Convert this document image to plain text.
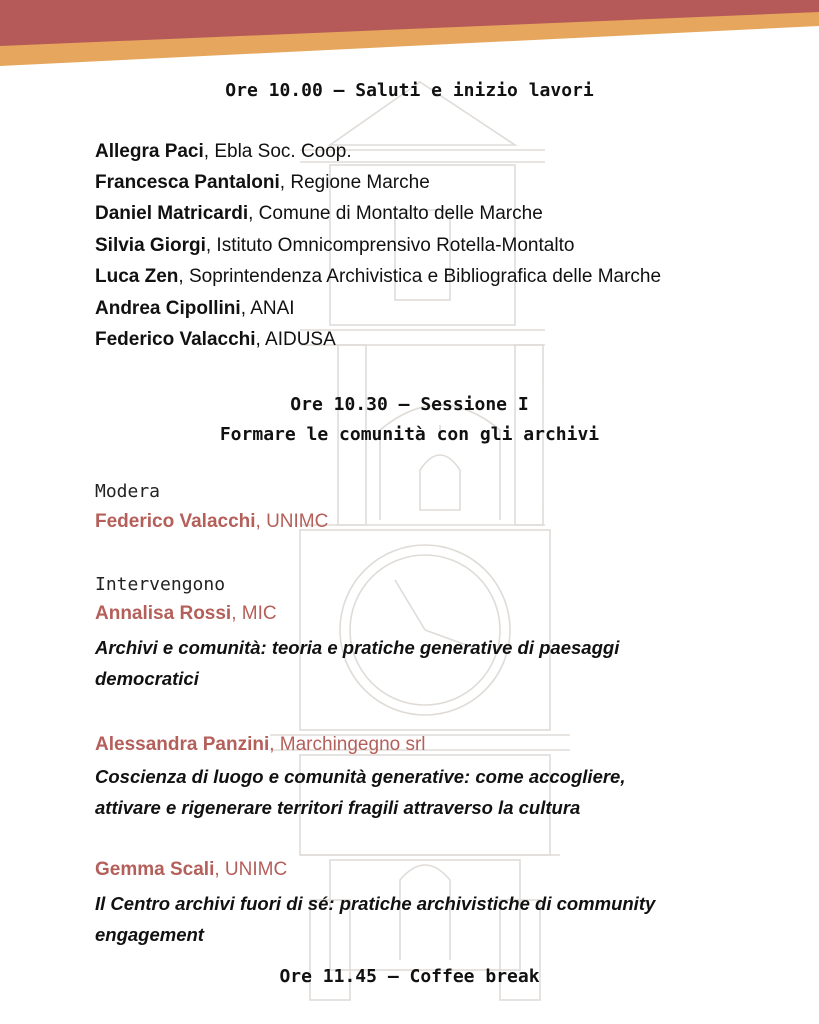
Ore 10.00 – Saluti e inizio lavori
Allegra Paci, Ebla Soc. Coop.
Francesca Pantaloni, Regione Marche
Daniel Matricardi, Comune di Montalto delle Marche
Silvia Giorgi, Istituto Omnicomprensivo Rotella-Montalto
Luca Zen, Soprintendenza Archivistica e Bibliografica delle Marche
Andrea Cipollini, ANAI
Federico Valacchi, AIDUSA
Ore 10.30 – Sessione I
Formare le comunità con gli archivi
Modera
Federico Valacchi, UNIMC
Intervengono
Annalisa Rossi, MIC
Archivi e comunità: teoria e pratiche generative di paesaggi
democratici
Alessandra Panzini, Marchingegno srl
Coscienza di luogo e comunità generative: come accogliere,
attivare e rigenerare territori fragili attraverso la cultura
Gemma Scali, UNIMC
Il Centro archivi fuori di sé: pratiche archivistiche di community
engagement
Ore 11.45 – Coffee break
